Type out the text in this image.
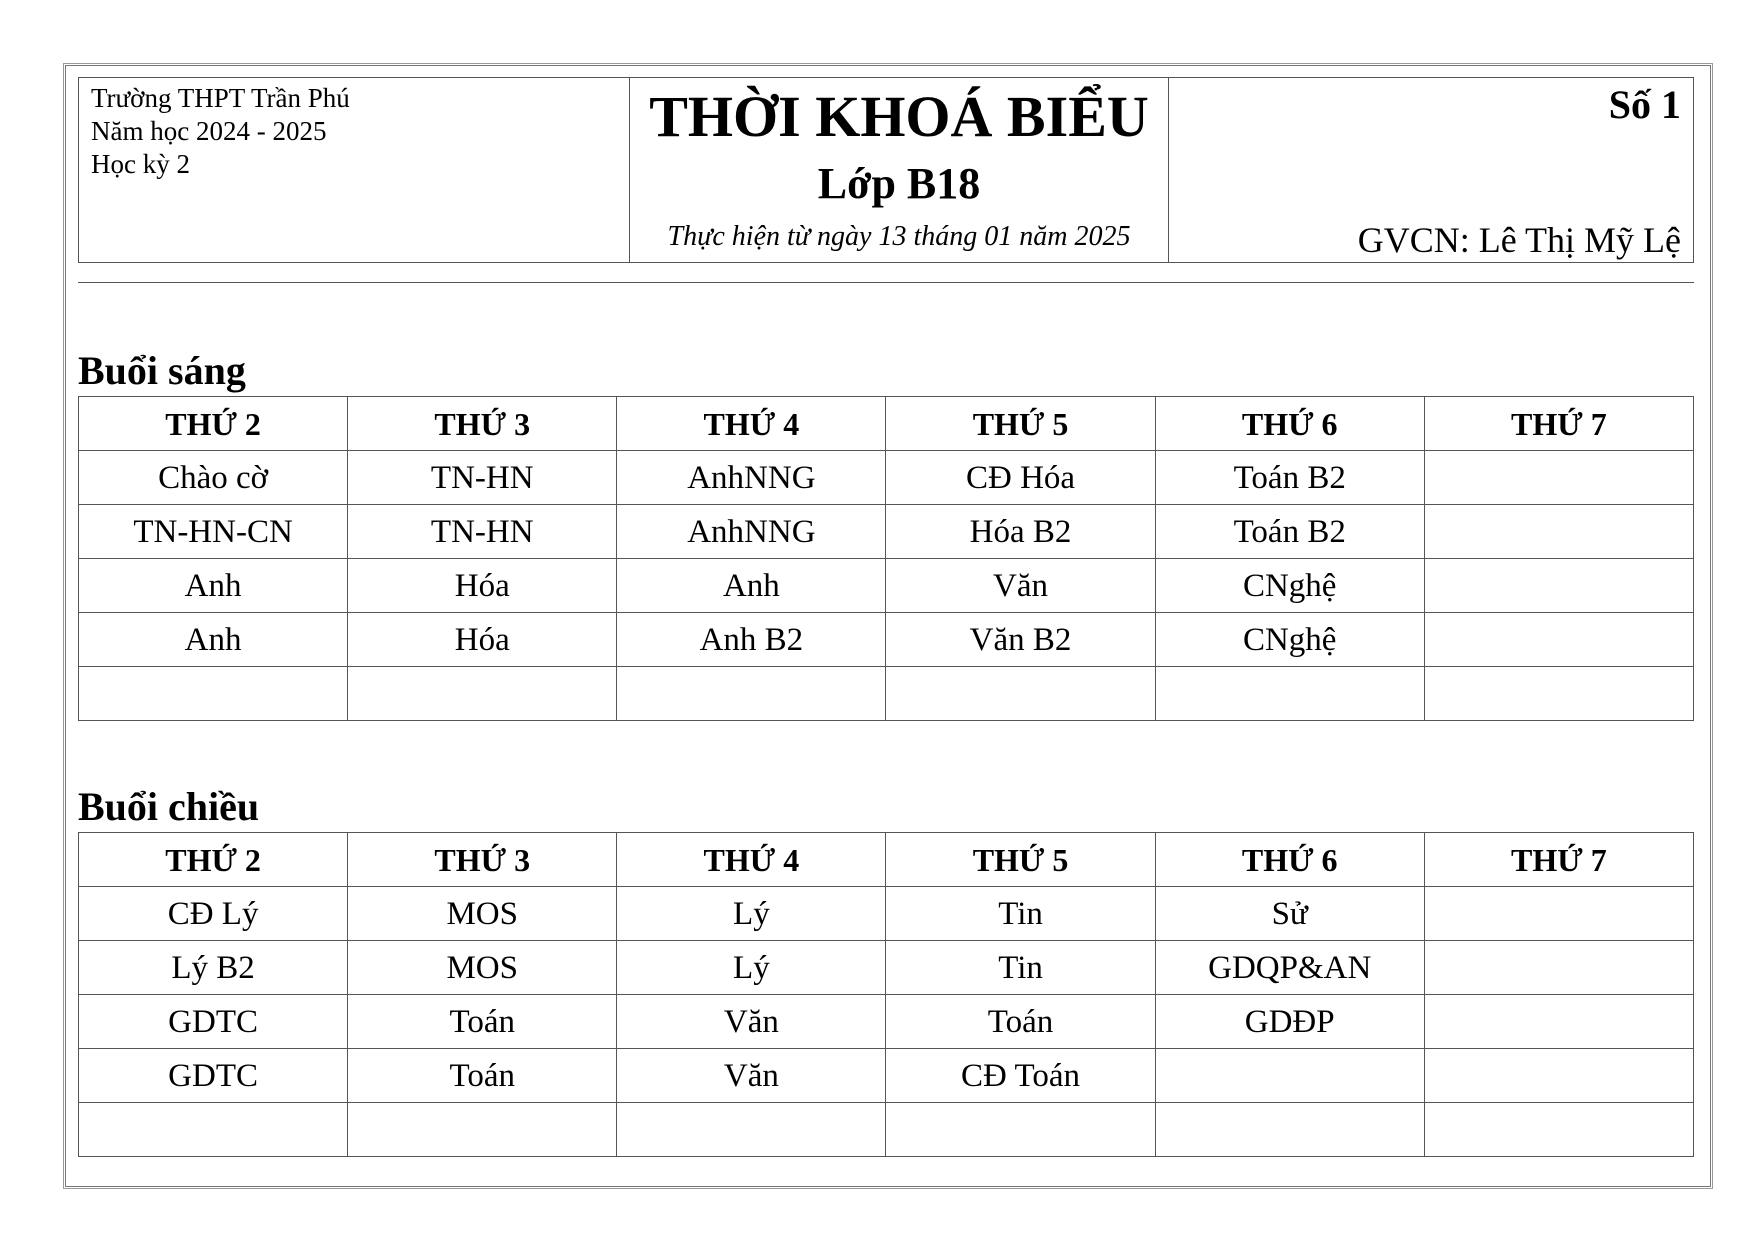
Trường THPT Trần Phú
Năm học 2024 - 2025
Học kỳ 2

THỜI KHOÁ BIỂU
Lớp B18
Thực hiện từ ngày 13 tháng 01 năm 2025

Số 1
GVCN: Lê Thị Mỹ Lệ
Buổi sáng
THỨ 2	THỨ 3	THỨ 4	THỨ 5	THỨ 6	THỨ 7
Chào cờ	TN-HN	AnhNNG	CĐ Hóa	Toán B2	
TN-HN-CN	TN-HN	AnhNNG	Hóa B2	Toán B2	
Anh	Hóa	Anh	Văn	CNghệ	
Anh	Hóa	Anh B2	Văn B2	CNghệ	

Buổi chiều
THỨ 2	THỨ 3	THỨ 4	THỨ 5	THỨ 6	THỨ 7
CĐ Lý	MOS	Lý	Tin	Sử	
Lý B2	MOS	Lý	Tin	GDQP&AN	
GDTC	Toán	Văn	Toán	GDĐP	
GDTC	Toán	Văn	CĐ Toán		
